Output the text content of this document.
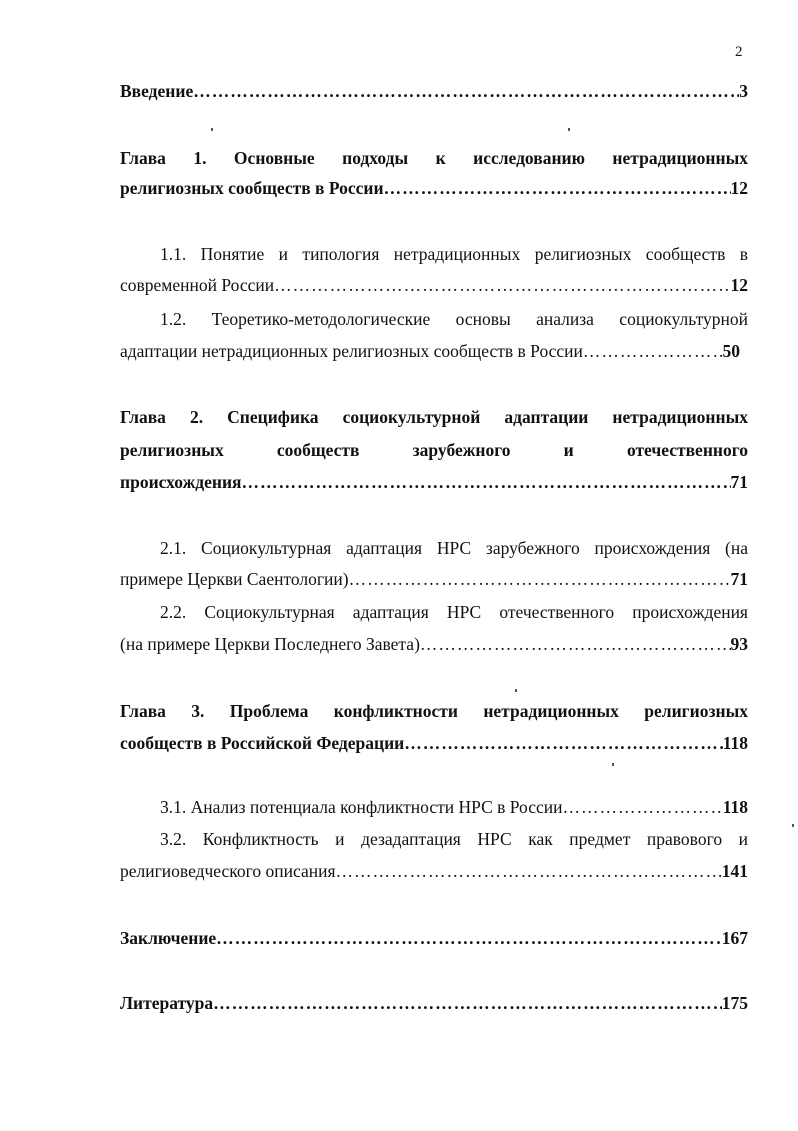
2
Введение ……………………………………………………………………………………………………………………………………………………………………………………	3
Глава 1. Основные подходы к исследованию нетрадиционных
религиозных сообществ в России ……………………………………………………………………………………………………………………………………………………………………………………	12
1.1. Понятие и типология нетрадиционных религиозных сообществ в
современной России ……………………………………………………………………………………………………………………………………………………………………………………	12
1.2. Теоретико-методологические основы анализа социокультурной
адаптации нетрадиционных религиозных сообществ в России ……………………………………………………………………………………………………………………………………………………………………………………	50
Глава 2. Специфика социокультурной адаптации нетрадиционных
религиозных сообществ зарубежного и отечественного
происхождения ……………………………………………………………………………………………………………………………………………………………………………………	71
2.1. Социокультурная адаптация НРС зарубежного происхождения (на
примере Церкви Саентологии) ……………………………………………………………………………………………………………………………………………………………………………………	71
2.2. Социокультурная адаптация НРС отечественного происхождения
(на примере Церкви Последнего Завета) ……………………………………………………………………………………………………………………………………………………………………………………	93
Глава 3. Проблема конфликтности нетрадиционных религиозных
сообществ в Российской Федерации ……………………………………………………………………………………………………………………………………………………………………………………	118
3.1. Анализ потенциала конфликтности НРС в России ……………………………………………………………………………………………………………………………………………………………………………………	118
3.2. Конфликтность и дезадаптация НРС как предмет правового и
религиоведческого описания ……………………………………………………………………………………………………………………………………………………………………………………	141
Заключение ……………………………………………………………………………………………………………………………………………………………………………………	167
Литература ……………………………………………………………………………………………………………………………………………………………………………………	175
